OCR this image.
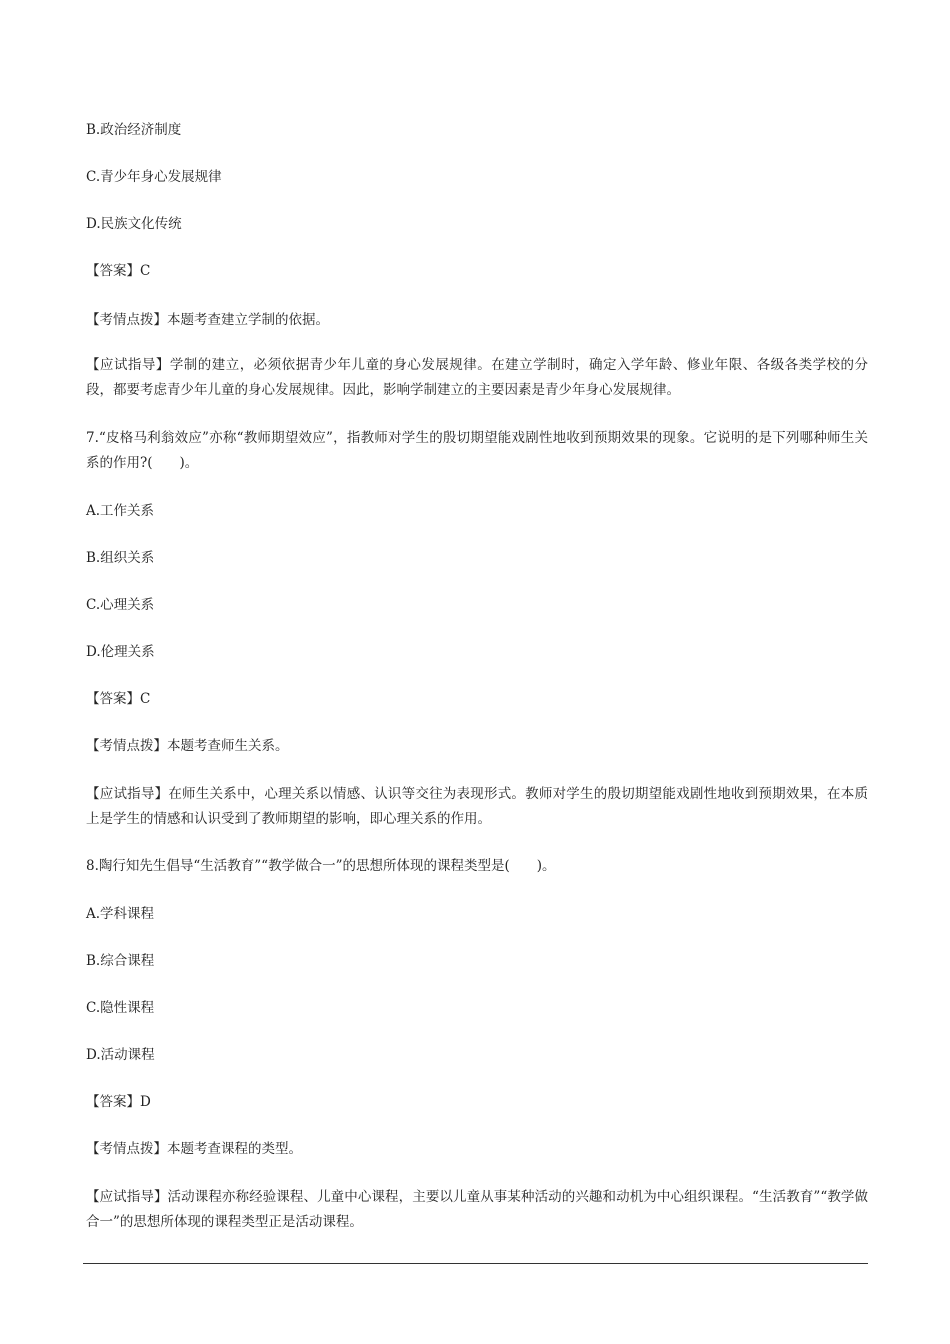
B.政治经济制度
C.青少年身心发展规律
D.民族文化传统
【答案】C
【考情点拨】本题考查建立学制的依据。
【应试指导】学制的建立，必须依据青少年儿童的身心发展规律。在建立学制时，确定入学年龄、修业年限、各级各类学校的分段，都要考虑青少年儿童的身心发展规律。因此，影响学制建立的主要因素是青少年身心发展规律。
7.“皮格马利翁效应”亦称“教师期望效应”，指教师对学生的殷切期望能戏剧性地收到预期效果的现象。它说明的是下列哪种师生关系的作用?(　　)。
A.工作关系
B.组织关系
C.心理关系
D.伦理关系
【答案】C
【考情点拨】本题考查师生关系。
【应试指导】在师生关系中，心理关系以情感、认识等交往为表现形式。教师对学生的殷切期望能戏剧性地收到预期效果，在本质上是学生的情感和认识受到了教师期望的影响，即心理关系的作用。
8.陶行知先生倡导“生活教育”“教学做合一”的思想所体现的课程类型是(　　)。
A.学科课程
B.综合课程
C.隐性课程
D.活动课程
【答案】D
【考情点拨】本题考查课程的类型。
【应试指导】活动课程亦称经验课程、儿童中心课程，主要以儿童从事某种活动的兴趣和动机为中心组织课程。“生活教育”“教学做合一”的思想所体现的课程类型正是活动课程。
